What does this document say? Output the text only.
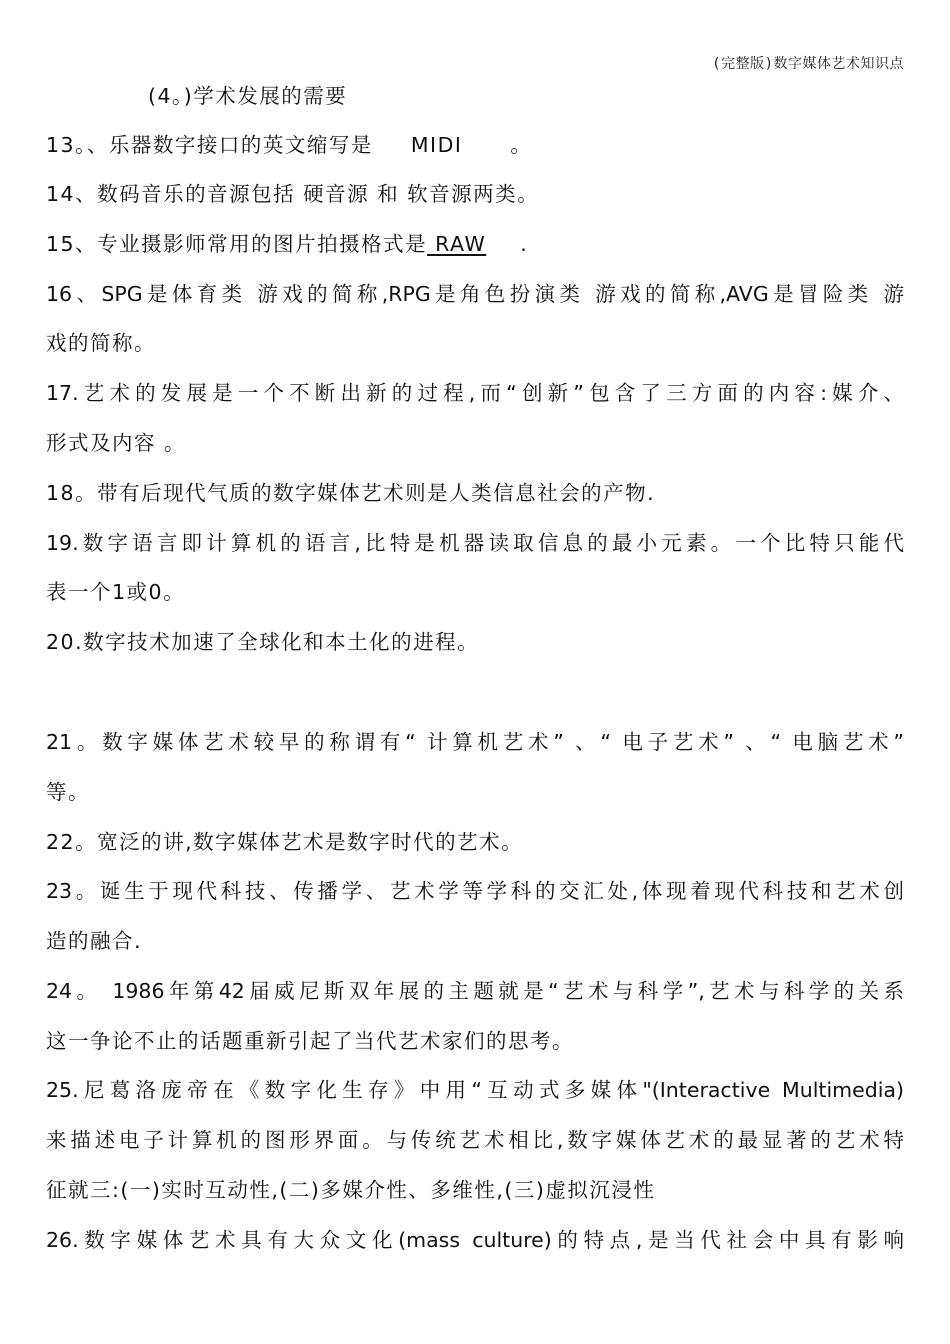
(完整版)数字媒体艺术知识点
(4。)学术发展的需要
13。、乐器数字接口的英文缩写是 MIDI 。
14、数码音乐的音源包括 硬音源 和 软音源两类。
15、专业摄影师常用的图片拍摄格式是 RAW .
16、SPG是体育类 游戏的简称,RPG是角色扮演类 游戏的简称,AVG是冒险类 游
戏的简称。
17.艺术的发展是一个不断出新的过程,而“创新”包含了三方面的内容:媒介、
形式及内容 。
18。带有后现代气质的数字媒体艺术则是人类信息社会的产物.
19.数字语言即计算机的语言,比特是机器读取信息的最小元素。一个比特只能代
表一个1或0。
20.数字技术加速了全球化和本土化的进程。
21。数字媒体艺术较早的称谓有“ 计算机艺术” 、“ 电子艺术” 、“ 电脑艺术”
等。
22。宽泛的讲,数字媒体艺术是数字时代的艺术。
23。诞生于现代科技、传播学、艺术学等学科的交汇处,体现着现代科技和艺术创
造的融合.
24。 1986年第42届威尼斯双年展的主题就是“艺术与科学”,艺术与科学的关系
这一争论不止的话题重新引起了当代艺术家们的思考。
25.尼葛洛庞帝在《数字化生存》中用“互动式多媒体"(Interactive Multimedia)
来描述电子计算机的图形界面。与传统艺术相比,数字媒体艺术的最显著的艺术特
征就三:(一)实时互动性,(二)多媒介性、多维性,(三)虚拟沉浸性
26.数字媒体艺术具有大众文化(mass culture)的特点,是当代社会中具有影响
